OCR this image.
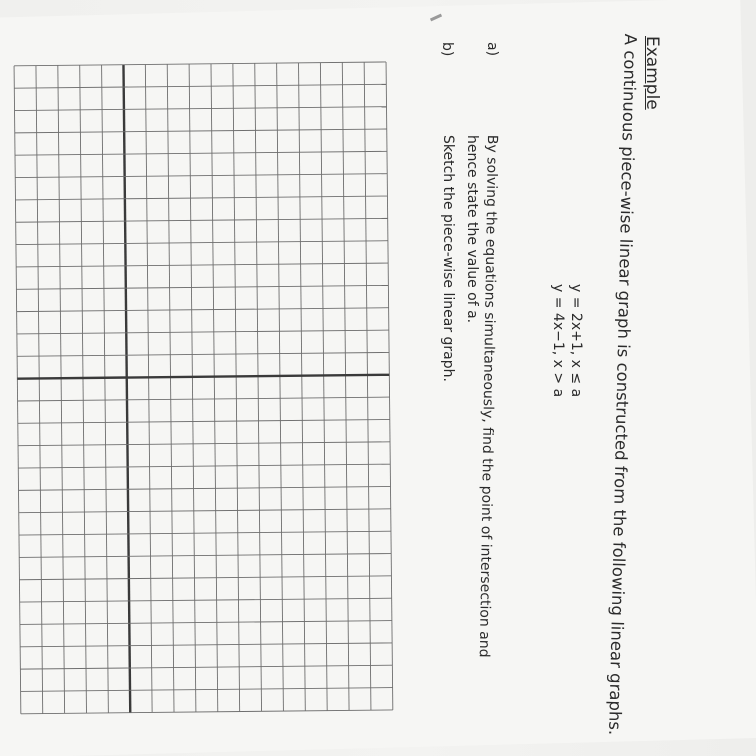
Example
A continuous piece-wise linear graph is constructed from the following linear graphs.
y = 2x+1, x ≤ a
y = 4x−1, x > a
a)
By solving the equations simultaneously, find the point of intersection and
hence state the value of a.
b)
Sketch the piece-wise linear graph.
